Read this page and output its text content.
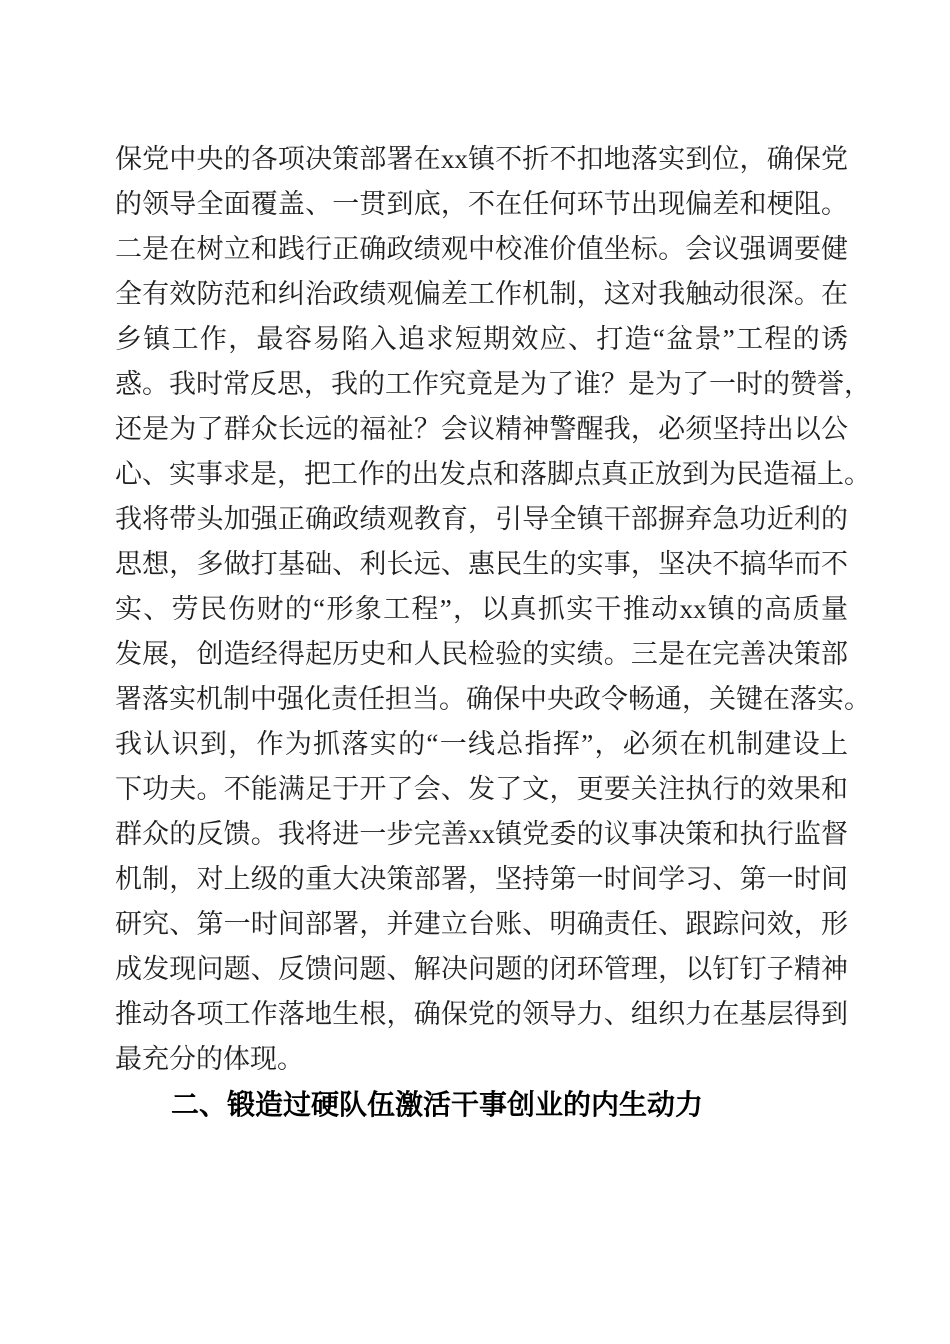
保党中央的各项决策部署在xx镇不折不扣地落实到位，确保党
的领导全面覆盖、一贯到底，不在任何环节出现偏差和梗阻。
二是在树立和践行正确政绩观中校准价值坐标。会议强调要健
全有效防范和纠治政绩观偏差工作机制，这对我触动很深。在
乡镇工作，最容易陷入追求短期效应、打造“盆景”工程的诱
惑。我时常反思，我的工作究竟是为了谁？是为了一时的赞誉，
还是为了群众长远的福祉？会议精神警醒我，必须坚持出以公
心、实事求是，把工作的出发点和落脚点真正放到为民造福上。
我将带头加强正确政绩观教育，引导全镇干部摒弃急功近利的
思想，多做打基础、利长远、惠民生的实事，坚决不搞华而不
实、劳民伤财的“形象工程”，以真抓实干推动xx镇的高质量
发展，创造经得起历史和人民检验的实绩。三是在完善决策部
署落实机制中强化责任担当。确保中央政令畅通，关键在落实。
我认识到，作为抓落实的“一线总指挥”，必须在机制建设上
下功夫。不能满足于开了会、发了文，更要关注执行的效果和
群众的反馈。我将进一步完善xx镇党委的议事决策和执行监督
机制，对上级的重大决策部署，坚持第一时间学习、第一时间
研究、第一时间部署，并建立台账、明确责任、跟踪问效，形
成发现问题、反馈问题、解决问题的闭环管理，以钉钉子精神
推动各项工作落地生根，确保党的领导力、组织力在基层得到
最充分的体现。
二、锻造过硬队伍激活干事创业的内生动力
